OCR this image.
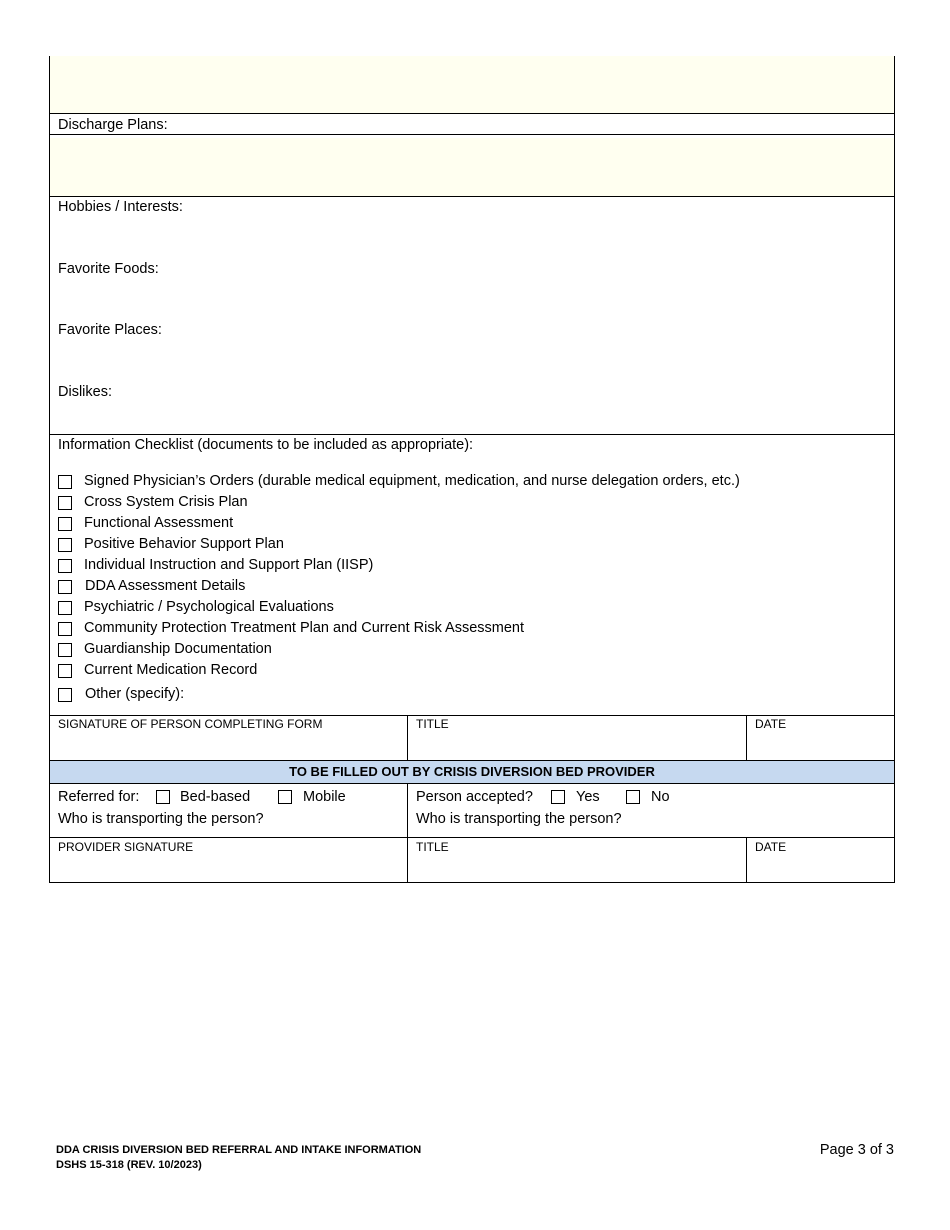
Discharge Plans:
Hobbies / Interests:
Favorite Foods:
Favorite Places:
Dislikes:
Information Checklist (documents to be included as appropriate):
Signed Physician’s Orders (durable medical equipment, medication, and nurse delegation orders, etc.)
Cross System Crisis Plan
Functional Assessment
Positive Behavior Support Plan
Individual Instruction and Support Plan (IISP)
DDA Assessment Details
Psychiatric / Psychological Evaluations
Community Protection Treatment Plan and Current Risk Assessment
Guardianship Documentation
Current Medication Record
Other (specify):
SIGNATURE OF PERSON COMPLETING FORM	TITLE	DATE
TO BE FILLED OUT BY CRISIS DIVERSION BED PROVIDER
Referred for:	Bed-based	Mobile
Who is transporting the person?
Person accepted?	Yes	No
Who is transporting the person?
PROVIDER SIGNATURE	TITLE	DATE
DDA CRISIS DIVERSION BED REFERRAL AND INTAKE INFORMATION
DSHS 15-318 (REV. 10/2023)
Page 3 of 3
